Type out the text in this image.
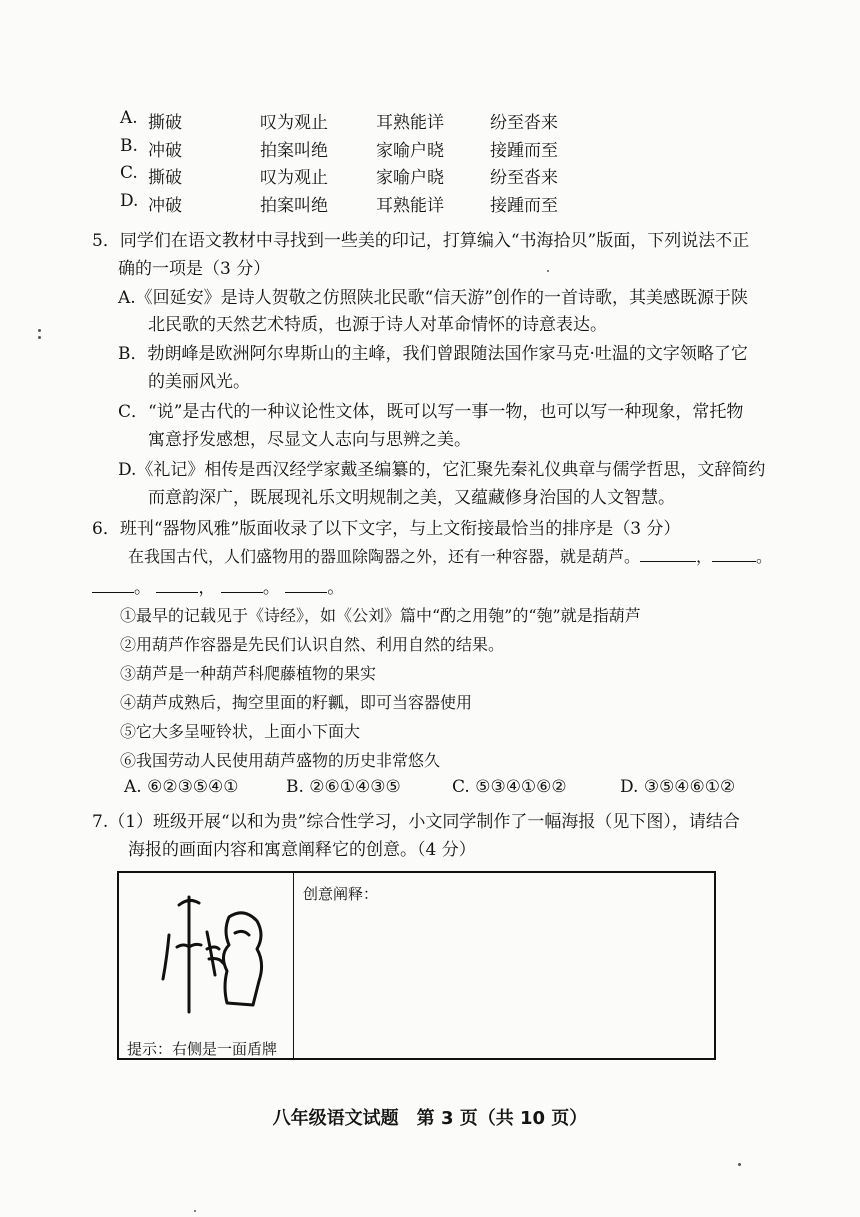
A. 撕破	叹为观止	耳熟能详	纷至沓来
B. 冲破	拍案叫绝	家喻户晓	接踵而至
C. 撕破	叹为观止	家喻户晓	纷至沓来
D. 冲破	拍案叫绝	耳熟能详	接踵而至
5．同学们在语文教材中寻找到一些美的印记，打算编入“书海拾贝”版面，下列说法不正
确的一项是（3 分）
A.《回延安》是诗人贺敬之仿照陕北民歌“信天游”创作的一首诗歌，其美感既源于陕
北民歌的天然艺术特质，也源于诗人对革命情怀的诗意表达。
B．勃朗峰是欧洲阿尔卑斯山的主峰，我们曾跟随法国作家马克·吐温的文字领略了它
的美丽风光。
C．“说”是古代的一种议论性文体，既可以写一事一物，也可以写一种现象，常托物
寓意抒发感想，尽显文人志向与思辨之美。
D.《礼记》相传是西汉经学家戴圣编纂的，它汇聚先秦礼仪典章与儒学哲思，文辞简约
而意韵深广，既展现礼乐文明规制之美，又蕴藏修身治国的人文智慧。
6．班刊“器物风雅”版面收录了以下文字，与上文衔接最恰当的排序是（3 分）
在我国古代，人们盛物用的器皿除陶器之外，还有一种容器，就是葫芦。	，	。
。	，	。	。
①最早的记载见于《诗经》，如《公刘》篇中“酌之用匏”的“匏”就是指葫芦
②用葫芦作容器是先民们认识自然、利用自然的结果。
③葫芦是一种葫芦科爬藤植物的果实
④葫芦成熟后，掏空里面的籽瓤，即可当容器使用
⑤它大多呈哑铃状，上面小下面大
⑥我国劳动人民使用葫芦盛物的历史非常悠久
A. ⑥②③⑤④①	B. ②⑥①④③⑤	C. ⑤③④①⑥②	D. ③⑤④⑥①②
7.（1）班级开展“以和为贵”综合性学习，小文同学制作了一幅海报（见下图），请结合
海报的画面内容和寓意阐释它的创意。（4 分）
提示：右侧是一面盾牌
创意阐释：
八年级语文试题　第 3 页（共 10 页）
